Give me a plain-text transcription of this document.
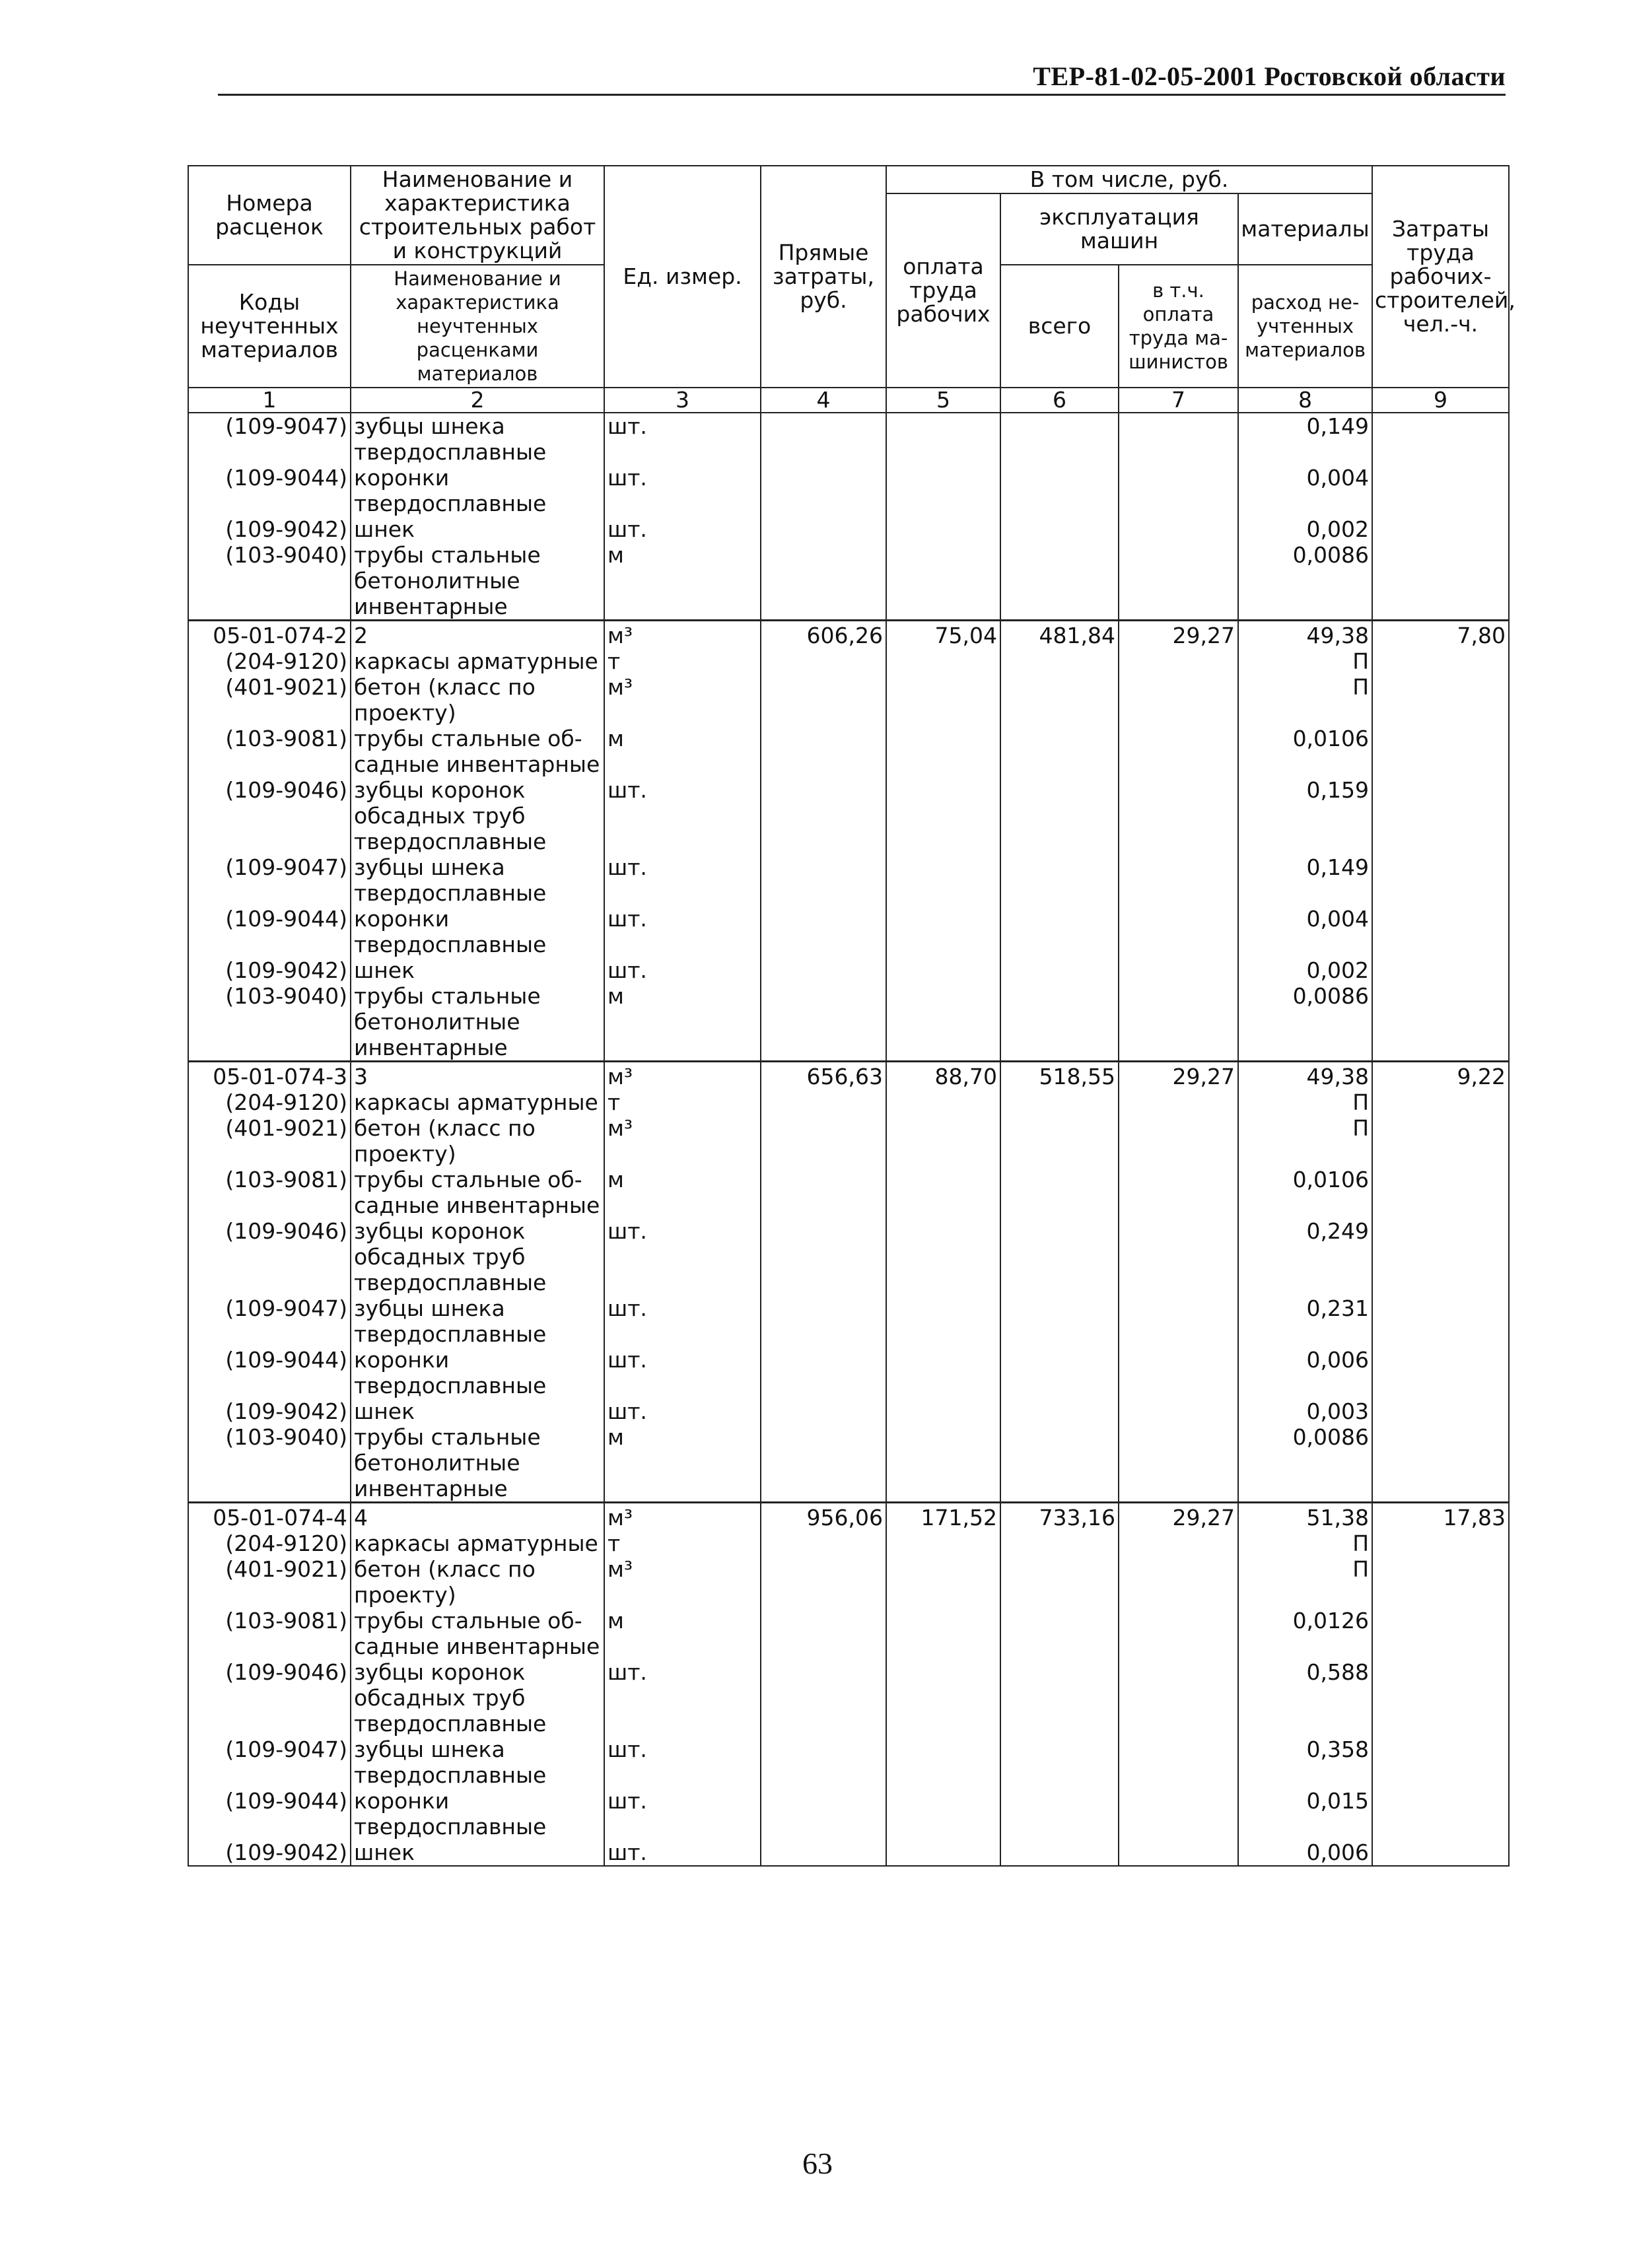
ТЕР-81-02-05-2001 Ростовской области
Номера расценок	Наименование и характеристика строительных работ и конструкций	Ед. измер.	Прямые затраты, руб.	В том числе, руб.				Затраты труда рабочих-строителей, чел.-ч.
				оплата труда рабочих	эксплуатация машин		материалы	
Коды неучтенных материалов	Наименование и характеристика неучтенных расценками материалов				всего	в т.ч. оплата труда ма-шинистов	расход не-учтенных материалов	

1	2	3	4	5	6	7	8	9
(109-9047)	зубцы шнека твердосплавные	шт.					0,149	
(109-9044)	коронки твердосплавные	шт.					0,004	
(109-9042)	шнек	шт.					0,002	
(103-9040)	трубы стальные бетонолитные инвентарные	м					0,0086	
05-01-074-2	2	м³	606,26	75,04	481,84	29,27	49,38	7,80
(204-9120)	каркасы арматурные	т					П	
(401-9021)	бетон (класс по проекту)	м³					П	
(103-9081)	трубы стальные об-садные инвентарные	м					0,0106	
(109-9046)	зубцы коронок обсадных труб твердосплавные	шт.					0,159	
(109-9047)	зубцы шнека твердосплавные	шт.					0,149	
(109-9044)	коронки твердосплавные	шт.					0,004	
(109-9042)	шнек	шт.					0,002	
(103-9040)	трубы стальные бетонолитные инвентарные	м					0,0086	
05-01-074-3	3	м³	656,63	88,70	518,55	29,27	49,38	9,22
(204-9120)	каркасы арматурные	т					П	
(401-9021)	бетон (класс по проекту)	м³					П	
(103-9081)	трубы стальные об-садные инвентарные	м					0,0106	
(109-9046)	зубцы коронок обсадных труб твердосплавные	шт.					0,249	
(109-9047)	зубцы шнека твердосплавные	шт.					0,231	
(109-9044)	коронки твердосплавные	шт.					0,006	
(109-9042)	шнек	шт.					0,003	
(103-9040)	трубы стальные бетонолитные инвентарные	м					0,0086	
05-01-074-4	4	м³	956,06	171,52	733,16	29,27	51,38	17,83
(204-9120)	каркасы арматурные	т					П	
(401-9021)	бетон (класс по проекту)	м³					П	
(103-9081)	трубы стальные об-садные инвентарные	м					0,0126	
(109-9046)	зубцы коронок обсадных труб твердосплавные	шт.					0,588	
(109-9047)	зубцы шнека твердосплавные	шт.					0,358	
(109-9044)	коронки твердосплавные	шт.					0,015	
(109-9042)	шнек	шт.					0,006	
63
